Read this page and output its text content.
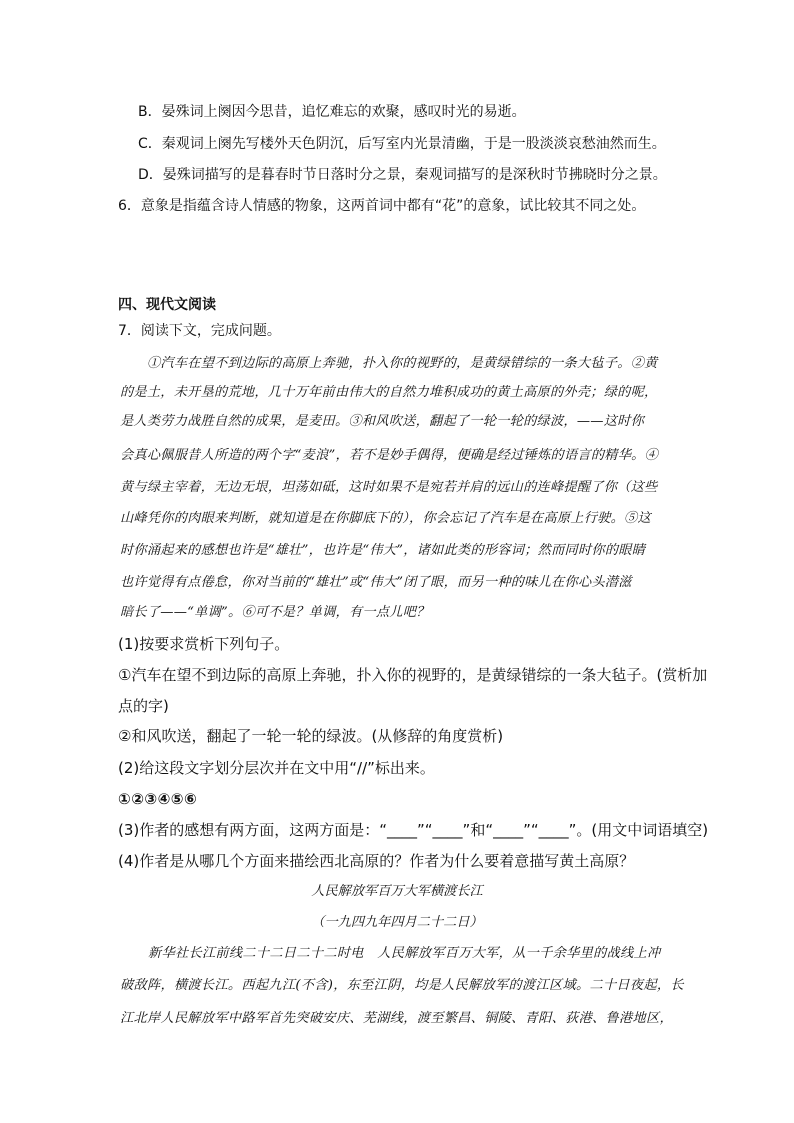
B．晏殊词上阕因今思昔，追忆难忘的欢聚，感叹时光的易逝。
C．秦观词上阕先写楼外天色阴沉，后写室内光景清幽，于是一股淡淡哀愁油然而生。
D．晏殊词描写的是暮春时节日落时分之景，秦观词描写的是深秋时节拂晓时分之景。
6．意象是指蕴含诗人情感的物象，这两首词中都有“花”的意象，试比较其不同之处。
四、现代文阅读
7．阅读下文，完成问题。
①汽车在望不到边际的高原上奔驰，扑入你的视野的，是黄绿错综的一条大毡子。②黄
的是土，未开垦的荒地，几十万年前由伟大的自然力堆积成功的黄土高原的外壳；绿的呢，
是人类劳力战胜自然的成果，是麦田。③和风吹送，翻起了一轮一轮的绿波，——这时你
会真心佩服昔人所造的两个字“麦浪”，若不是妙手偶得，便确是经过锤炼的语言的精华。④
黄与绿主宰着，无边无垠，坦荡如砥，这时如果不是宛若并肩的远山的连峰提醒了你（这些
山峰凭你的肉眼来判断，就知道是在你脚底下的），你会忘记了汽车是在高原上行驶。⑤这
时你涌起来的感想也许是“雄壮”，也许是“伟大”，诸如此类的形容词；然而同时你的眼睛
也许觉得有点倦怠，你对当前的“雄壮”或“伟大”闭了眼，而另一种的味儿在你心头潜滋
暗长了——“单调”。⑥可不是？单调，有一点儿吧？
(1)按要求赏析下列句子。
①汽车在望不到边际的高原上奔驰，扑入你的视野的，是黄绿错综的一条大毡子。(赏析加
点的字)
②和风吹送，翻起了一轮一轮的绿波。(从修辞的角度赏析)
(2)给这段文字划分层次并在文中用“//”标出来。
①②③④⑤⑥
(3)作者的感想有两方面，这两方面是：“____”“____”和“____”“____”。(用文中词语填空)
(4)作者是从哪几个方面来描绘西北高原的？作者为什么要着意描写黄土高原？
人民解放军百万大军横渡长江
（一九四九年四月二十二日）
新华社长江前线二十二日二十二时电　人民解放军百万大军，从一千余华里的战线上冲
破敌阵，横渡长江。西起九江(不含)，东至江阴，均是人民解放军的渡江区域。二十日夜起，长
江北岸人民解放军中路军首先突破安庆、芜湖线，渡至繁昌、铜陵、青阳、荻港、鲁港地区，
